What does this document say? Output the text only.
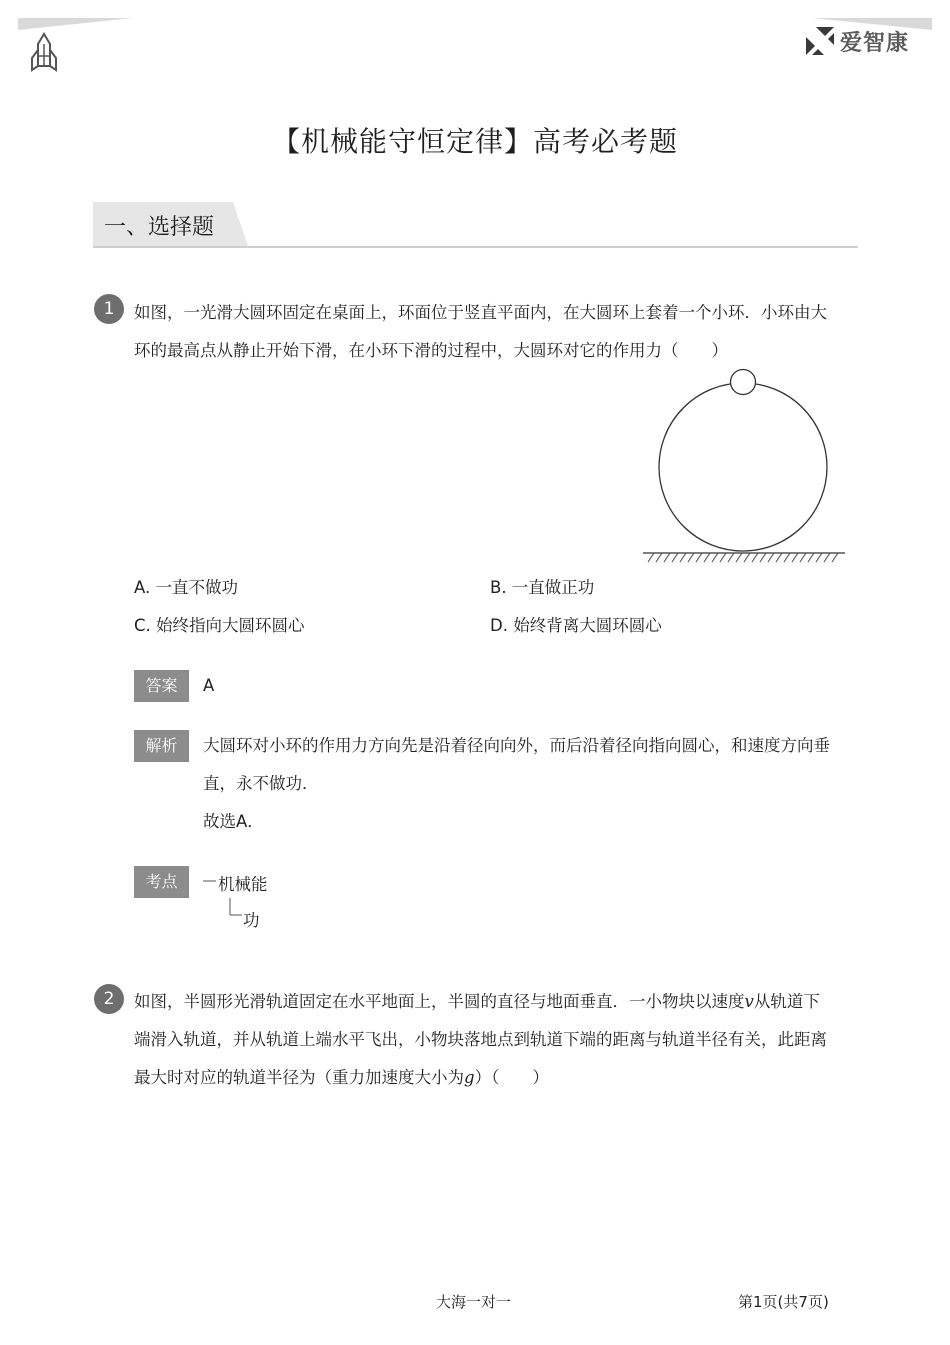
爱智康
【机械能守恒定律】高考必考题
一、选择题
1	如图，一光滑大圆环固定在桌面上，环面位于竖直平面内，在大圆环上套着一个小环．小环由大
环的最高点从静止开始下滑，在小环下滑的过程中，大圆环对它的作用力（　　）
A. 一直不做功	B. 一直做正功
C. 始终指向大圆环圆心	D. 始终背离大圆环圆心
答案	A
解析	大圆环对小环的作用力方向先是沿着径向向外，而后沿着径向指向圆心，和速度方向垂
直，永不做功．
故选A．
考点	机械能
功
2	如图，半圆形光滑轨道固定在水平地面上，半圆的直径与地面垂直．一小物块以速度v从轨道下
端滑入轨道，并从轨道上端水平飞出，小物块落地点到轨道下端的距离与轨道半径有关，此距离
最大时对应的轨道半径为（重力加速度大小为g）（　　）
大海一对一	第1页(共7页)
